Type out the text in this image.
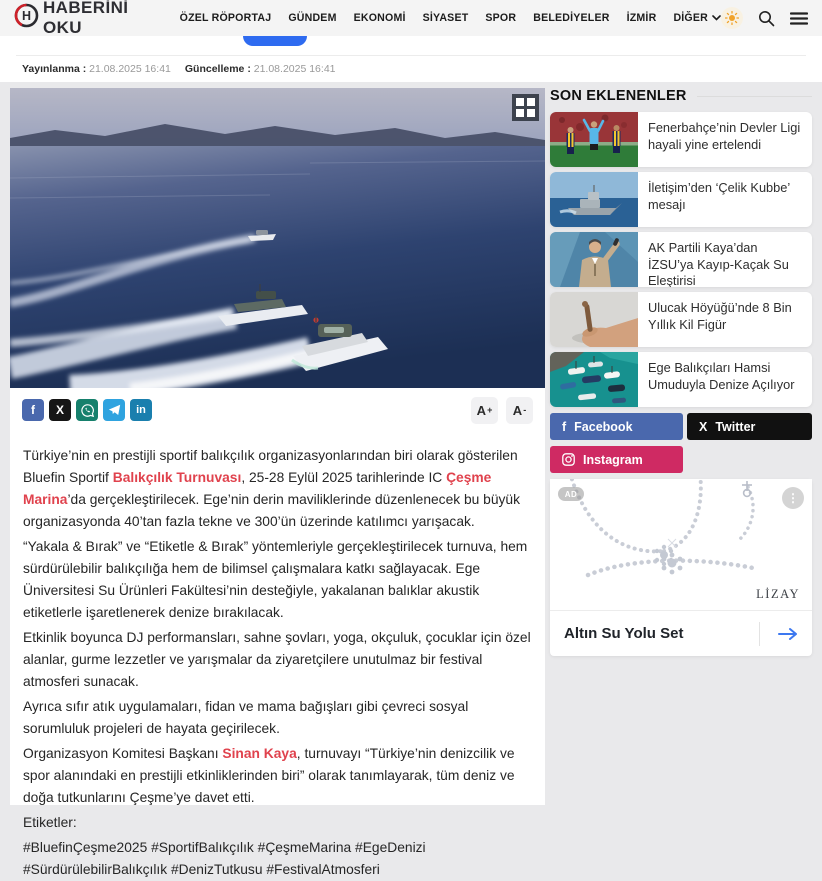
H HABERİNİ OKU	ÖZEL RÖPORTAJ GÜNDEM EKONOMİ SİYASET SPOR BELEDİYELER İZMİR DİĞER
Yayınlanma : 21.08.2025 16:41 Güncelleme : 21.08.2025 16:41
f X	in	A + A -

Türkiye’nin en prestijli sportif balıkçılık organizasyonlarından biri olarak gösterilen Bluefin Sportif Balıkçılık Turnuvası, 25-28 Eylül 2025 tarihlerinde IC Çeşme Marina’da gerçekleştirilecek. Ege’nin derin maviliklerinde düzenlenecek bu büyük organizasyonda 40’tan fazla tekne ve 300’ün üzerinde katılımcı yarışacak.

“Yakala & Bırak” ve “Etiketle & Bırak” yöntemleriyle gerçekleştirilecek turnuva, hem sürdürülebilir balıkçılığa hem de bilimsel çalışmalara katkı sağlayacak. Ege Üniversitesi Su Ürünleri Fakültesi’nin desteğiyle, yakalanan balıklar akustik etiketlerle işaretlenerek denize bırakılacak.

Etkinlik boyunca DJ performansları, sahne şovları, yoga, okçuluk, çocuklar için özel alanlar, gurme lezzetler ve yarışmalar da ziyaretçilere unutulmaz bir festival atmosferi sunacak.

Ayrıca sıfır atık uygulamaları, fidan ve mama bağışları gibi çevreci sosyal sorumluluk projeleri de hayata geçirilecek.

Organizasyon Komitesi Başkanı Sinan Kaya, turnuvayı “Türkiye’nin denizcilik ve spor alanındaki en prestijli etkinliklerinden biri” olarak tanımlayarak, tüm deniz ve doğa tutkunlarını Çeşme’ye davet etti.

Etiketler:

#BluefinÇeşme2025 #SportifBalıkçılık #ÇeşmeMarina #EgeDenizi #SürdürülebilirBalıkçılık #DenizTutkusu #FestivalAtmosferi

SON EKLENENLER
Fenerbahçe’nin Devler Ligi hayali yine ertelendi
İletişim’den ‘Çelik Kubbe’ mesajı
AK Partili Kaya’dan İZSU’ya Kayıp-Kaçak Su Eleştirisi
Ulucak Höyüğü’nde 8 Bin Yıllık Kil Figür
Ege Balıkçıları Hamsi Umuduyla Denize Açılıyor
f Facebook	X Twitter
Instagram
AD	⋮
LİZAY
Altın Su Yolu Set
